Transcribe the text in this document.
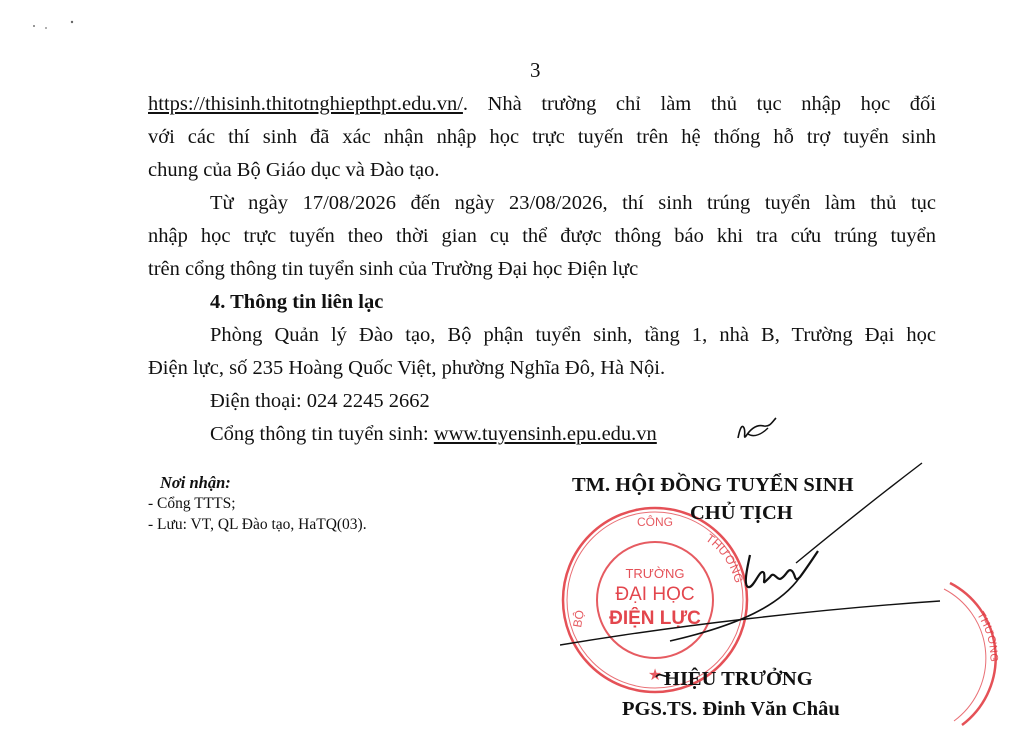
3
https://thisinh.thitotnghiepthpt.edu.vn/. Nhà trường chỉ làm thủ tục nhập học đối
với các thí sinh đã xác nhận nhập học trực tuyến trên hệ thống hỗ trợ tuyển sinh
chung của Bộ Giáo dục và Đào tạo.
Từ ngày 17/08/2026 đến ngày 23/08/2026, thí sinh trúng tuyển làm thủ tục
nhập học trực tuyến theo thời gian cụ thể được thông báo khi tra cứu trúng tuyển
trên cổng thông tin tuyển sinh của Trường Đại học Điện lực
4. Thông tin liên lạc
Phòng Quản lý Đào tạo, Bộ phận tuyển sinh, tầng 1, nhà B, Trường Đại học
Điện lực, số 235 Hoàng Quốc Việt, phường Nghĩa Đô, Hà Nội.
Điện thoại: 024 2245 2662
Cổng thông tin tuyển sinh: www.tuyensinh.epu.edu.vn
Nơi nhận:
- Cổng TTTS;
- Lưu: VT, QL Đào tạo, HaTQ(03).	CÔNG
THƯƠNG
BỘ
TRƯỜNG
ĐẠI HỌC
ĐIỆN LỰC
★
THƯƠNG
TM. HỘI ĐỒNG TUYỂN SINH
CHỦ TỊCH
HIỆU TRƯỞNG
PGS.TS. Đinh Văn Châu
